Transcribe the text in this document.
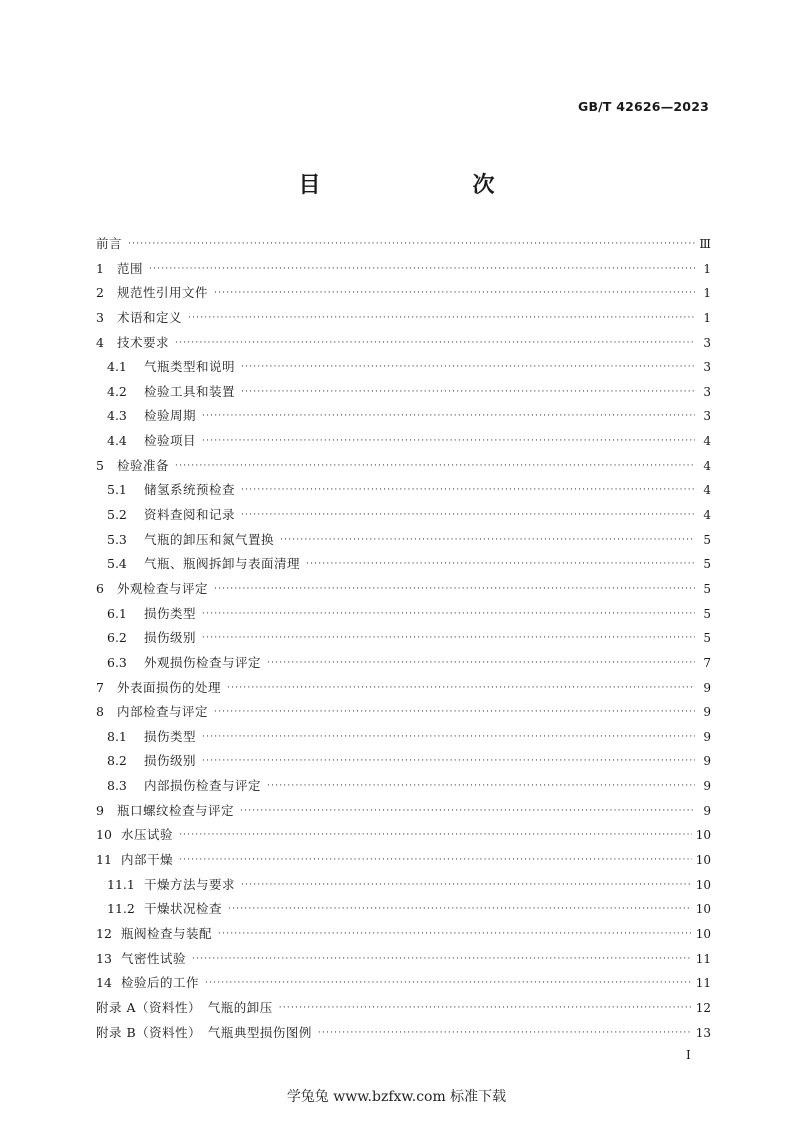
GB/T 42626—2023
目　　次
前言 ·····	Ⅲ
1	范围 ·····	1
2	规范性引用文件 ·····	1
3	术语和定义 ·····	1
4	技术要求 ·····	3
4.1	气瓶类型和说明 ·····	3
4.2	检验工具和装置 ·····	3
4.3	检验周期 ·····	3
4.4	检验项目 ·····	4
5	检验准备 ·····	4
5.1	储氢系统预检查 ·····	4
5.2	资料查阅和记录 ·····	4
5.3	气瓶的卸压和氮气置换 ·····	5
5.4	气瓶、瓶阀拆卸与表面清理 ·····	5
6	外观检查与评定 ·····	5
6.1	损伤类型 ·····	5
6.2	损伤级别 ·····	5
6.3	外观损伤检查与评定 ·····	7
7	外表面损伤的处理 ·····	9
8	内部检查与评定 ·····	9
8.1	损伤类型 ·····	9
8.2	损伤级别 ·····	9
8.3	内部损伤检查与评定 ·····	9
9	瓶口螺纹检查与评定 ·····	9
10 水压试验 ·····	10
11 内部干燥 ·····	10
11.1 干燥方法与要求 ·····	10
11.2 干燥状况检查 ·····	10
12 瓶阀检查与装配 ·····	10
13 气密性试验 ·····	11
14 检验后的工作 ·····	11
附录 A（资料性）　气瓶的卸压 ·····	12
附录 B（资料性）　气瓶典型损伤图例 ·····	13
I
学兔兔 www.bzfxw.com 标准下载
